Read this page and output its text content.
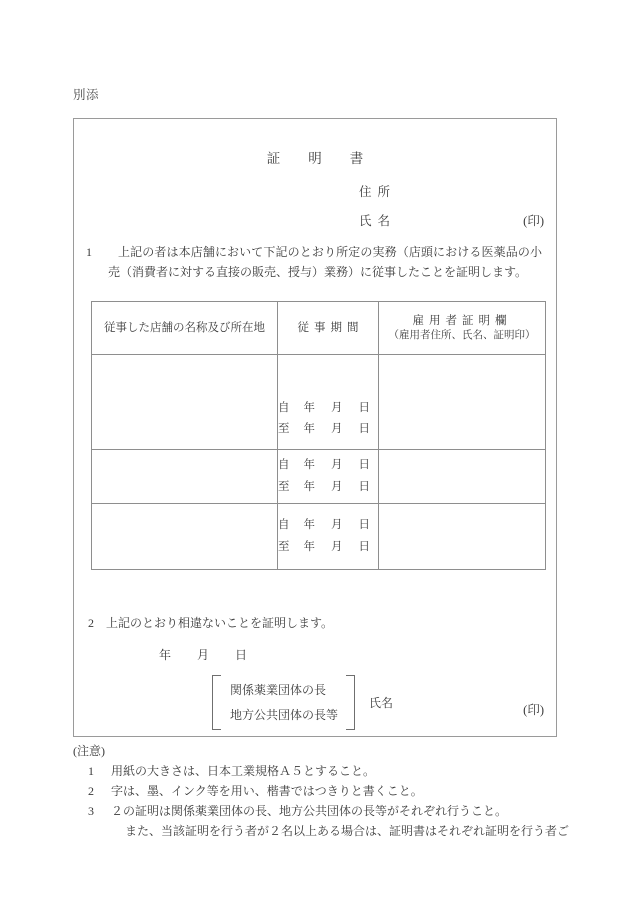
別添
証明書
住所
氏名	(印)
1	上記の者は本店舗において下記のとおり所定の実務（店頭における医薬品の小売（消費者に対する直接の販売、授与）業務）に従事したことを証明します。
従事した店舗の名称及び所在地	従事期間	雇用者証明欄
（雇用者住所、氏名、証明印）

	自 年 月 日
至 年 月 日	

	自 年 月 日
至 年 月 日	

	自 年 月 日
至 年 月 日	

2 上記のとおり相違ないことを証明します。
年 月 日
関係薬業団体の長
地方公共団体の長等
氏名	(印)
(注意)
1 用紙の大きさは、日本工業規格Ａ５とすること。
2 字は、墨、インク等を用い、楷書ではつきりと書くこと。
3 ２の証明は関係薬業団体の長、地方公共団体の長等がそれぞれ行うこと。
また、当該証明を行う者が２名以上ある場合は、証明書はそれぞれ証明を行う者ご
